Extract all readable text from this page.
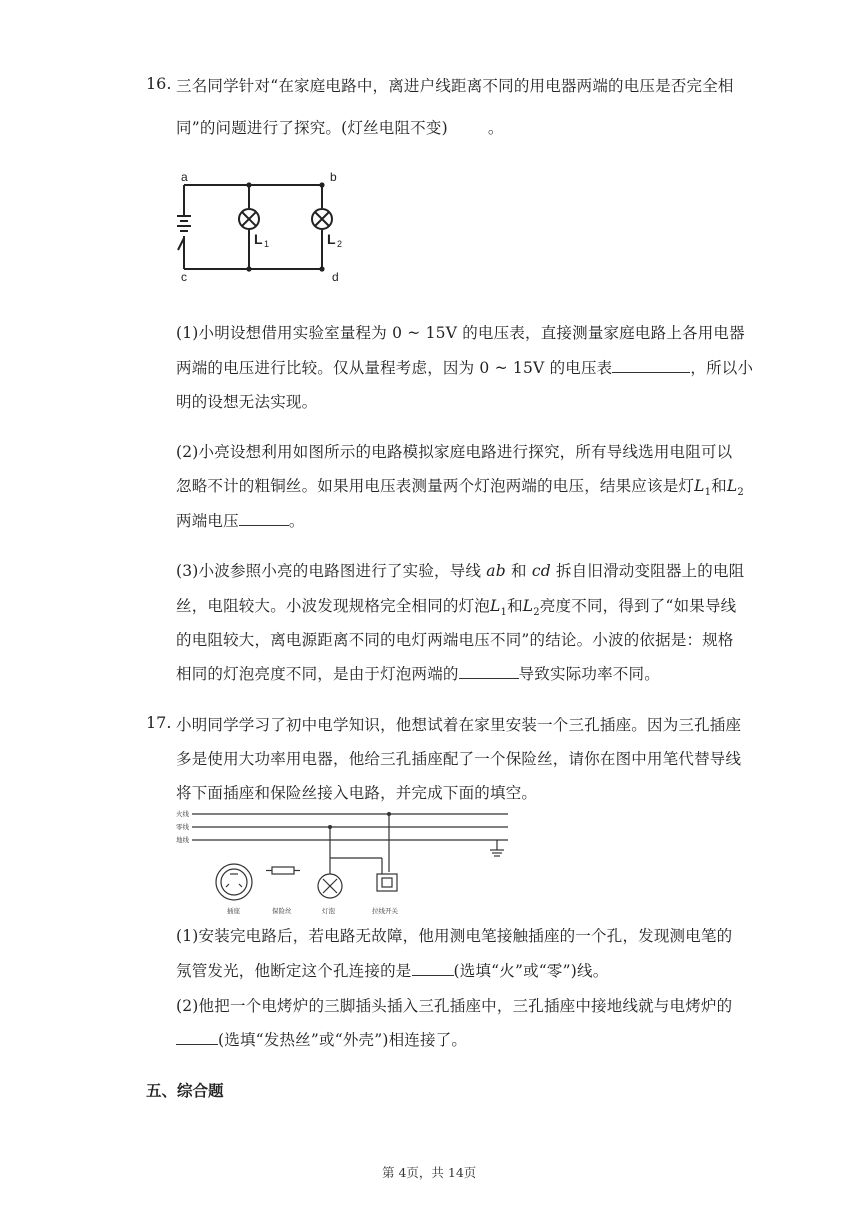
16. 三名同学针对“在家庭电路中，离进户线距离不同的用电器两端的电压是否完全相
同”的问题进行了探究。(灯丝电阻不变)	。
a	b
c	d
L 1	L 2
(1)小明设想借用实验室量程为 0 ~ 15V 的电压表，直接测量家庭电路上各用电器
两端的电压进行比较。仅从量程考虑，因为 0 ~ 15V 的电压表	，所以小
明的设想无法实现。
(2)小亮设想利用如图所示的电路模拟家庭电路进行探究，所有导线选用电阻可以
忽略不计的粗铜丝。如果用电压表测量两个灯泡两端的电压，结果应该是灯$L_1$和$L_2$
两端电压	。
(3)小波参照小亮的电路图进行了实验，导线 ab 和 cd 拆自旧滑动变阻器上的电阻
丝，电阻较大。小波发现规格完全相同的灯泡$L_1$和$L_2$亮度不同，得到了“如果导线
的电阻较大，离电源距离不同的电灯两端电压不同”的结论。小波的依据是：规格
相同的灯泡亮度不同，是由于灯泡两端的	导致实际功率不同。
17. 小明同学学习了初中电学知识，他想试着在家里安装一个三孔插座。因为三孔插座
多是使用大功率用电器，他给三孔插座配了一个保险丝，请你在图中用笔代替导线
将下面插座和保险丝接入电路，并完成下面的填空。
火线
零线
地线
插座	保险丝	灯泡	拉线开关
(1)安装完电路后，若电路无故障，他用测电笔接触插座的一个孔，发现测电笔的
氖管发光，他断定这个孔连接的是	(选填“火”或“零”)线。
(2)他把一个电烤炉的三脚插头插入三孔插座中，三孔插座中接地线就与电烤炉的
(选填“发热丝”或“外壳”)相连接了。
五、综合题
第 4页，共 14页
